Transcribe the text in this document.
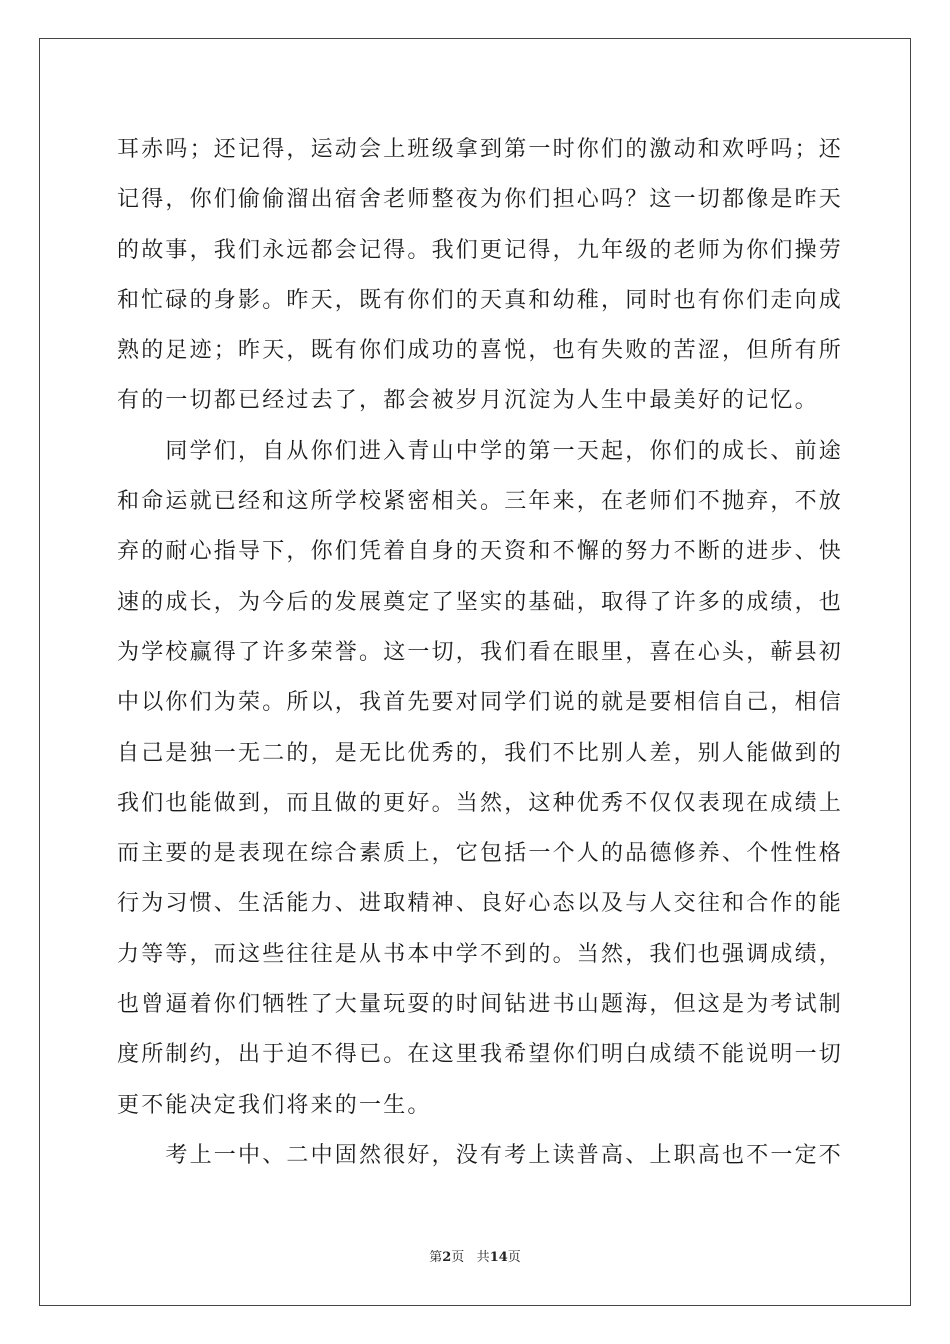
耳赤吗；还记得，运动会上班级拿到第一时你们的激动和欢呼吗；还
记得，你们偷偷溜出宿舍老师整夜为你们担心吗？这一切都像是昨天
的故事，我们永远都会记得。我们更记得，九年级的老师为你们操劳
和忙碌的身影。昨天，既有你们的天真和幼稚，同时也有你们走向成
熟的足迹；昨天，既有你们成功的喜悦，也有失败的苦涩，但所有所
有的一切都已经过去了，都会被岁月沉淀为人生中最美好的记忆。
　　同学们，自从你们进入青山中学的第一天起，你们的成长、前途
和命运就已经和这所学校紧密相关。三年来，在老师们不抛弃，不放
弃的耐心指导下，你们凭着自身的天资和不懈的努力不断的进步、快
速的成长，为今后的发展奠定了坚实的基础，取得了许多的成绩，也
为学校赢得了许多荣誉。这一切，我们看在眼里，喜在心头，蕲县初
中以你们为荣。所以，我首先要对同学们说的就是要相信自己，相信
自己是独一无二的，是无比优秀的，我们不比别人差，别人能做到的
我们也能做到，而且做的更好。当然，这种优秀不仅仅表现在成绩上
而主要的是表现在综合素质上，它包括一个人的品德修养、个性性格
行为习惯、生活能力、进取精神、良好心态以及与人交往和合作的能
力等等，而这些往往是从书本中学不到的。当然，我们也强调成绩，
也曾逼着你们牺牲了大量玩耍的时间钻进书山题海，但这是为考试制
度所制约，出于迫不得已。在这里我希望你们明白成绩不能说明一切
更不能决定我们将来的一生。
　　考上一中、二中固然很好，没有考上读普高、上职高也不一定不
第2页 共14页
